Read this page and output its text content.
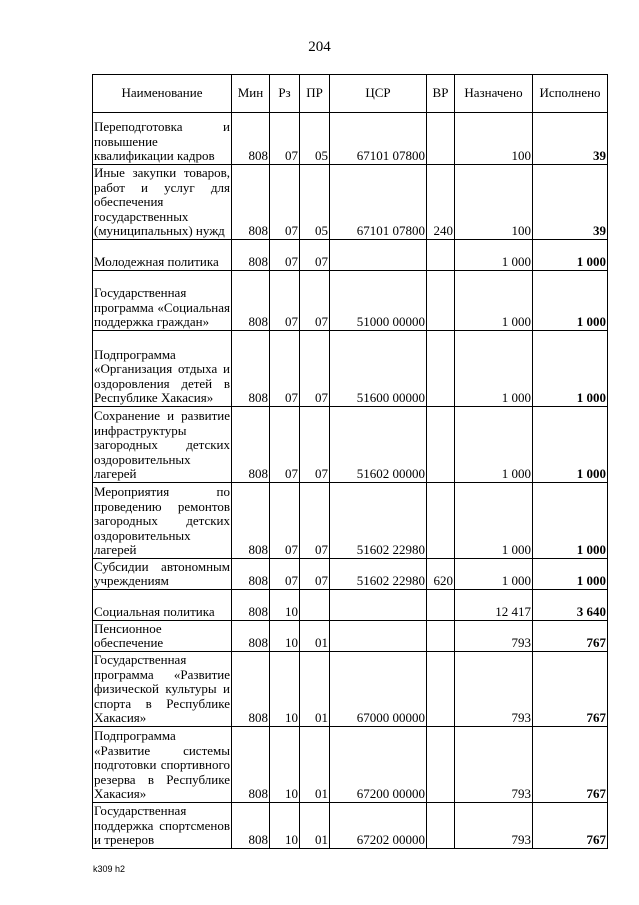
204
Наименование	Мин	Рз	ПР	ЦСР	ВР	Назначено	Исполнено
Переподготовка и повышение квалификации кадров	808	07	05	67101 07800		100	39
Иные закупки товаров, работ и услуг для обеспечения государственных (муниципальных) нужд	808	07	05	67101 07800	240	100	39
Молодежная политика	808	07	07			1 000	1 000
Государственная программа «Социальная поддержка граждан»	808	07	07	51000 00000		1 000	1 000
Подпрограмма «Организация отдыха и оздоровления детей в Республике Хакасия»	808	07	07	51600 00000		1 000	1 000
Сохранение и развитие инфраструктуры загородных детских оздоровительных лагерей	808	07	07	51602 00000		1 000	1 000
Мероприятия по проведению ремонтов загородных детских оздоровительных лагерей	808	07	07	51602 22980		1 000	1 000
Субсидии автономным учреждениям	808	07	07	51602 22980	620	1 000	1 000
Социальная политика	808	10				12 417	3 640
Пенсионное обеспечение	808	10	01			793	767
Государственная программа «Развитие физической культуры и спорта в Республике Хакасия»	808	10	01	67000 00000		793	767
Подпрограмма «Развитие системы подготовки спортивного резерва в Республике Хакасия»	808	10	01	67200 00000		793	767
Государственная поддержка спортсменов и тренеров	808	10	01	67202 00000		793	767
k309 h2
